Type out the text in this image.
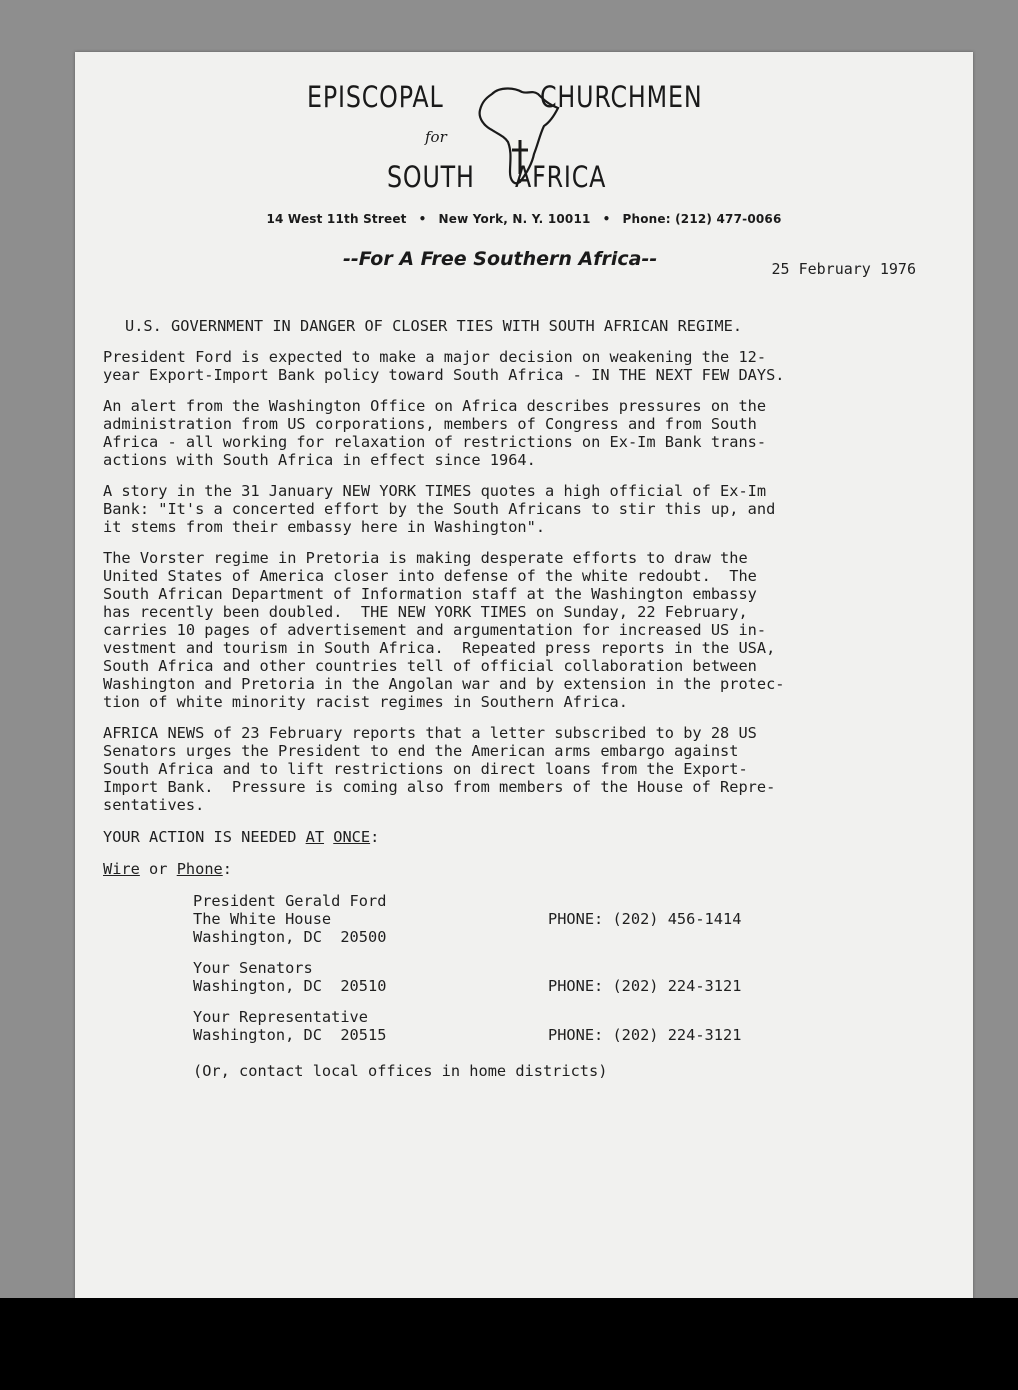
EPISCOPAL	CHURCHMEN
for
SOUTH AFRICA
14 West 11th Street • New York, N. Y. 10011 • Phone: (212) 477-0066
--For A Free Southern Africa--	25 February 1976
U.S. GOVERNMENT IN DANGER OF CLOSER TIES WITH SOUTH AFRICAN REGIME.
President Ford is expected to make a major decision on weakening the 12-
year Export-Import Bank policy toward South Africa - IN THE NEXT FEW DAYS.
An alert from the Washington Office on Africa describes pressures on the
administration from US corporations, members of Congress and from South
Africa - all working for relaxation of restrictions on Ex-Im Bank trans-
actions with South Africa in effect since 1964.
A story in the 31 January NEW YORK TIMES quotes a high official of Ex-Im
Bank: "It's a concerted effort by the South Africans to stir this up, and
it stems from their embassy here in Washington".
The Vorster regime in Pretoria is making desperate efforts to draw the
United States of America closer into defense of the white redoubt.  The
South African Department of Information staff at the Washington embassy
has recently been doubled.  THE NEW YORK TIMES on Sunday, 22 February,
carries 10 pages of advertisement and argumentation for increased US in-
vestment and tourism in South Africa.  Repeated press reports in the USA,
South Africa and other countries tell of official collaboration between
Washington and Pretoria in the Angolan war and by extension in the protec-
tion of white minority racist regimes in Southern Africa.
AFRICA NEWS of 23 February reports that a letter subscribed to by 28 US
Senators urges the President to end the American arms embargo against
South Africa and to lift restrictions on direct loans from the Export-
Import Bank.  Pressure is coming also from members of the House of Repre-
sentatives.
YOUR ACTION IS NEEDED AT ONCE:
Wire or Phone:
President Gerald Ford
The White House
Washington, DC  20500
PHONE: (202) 456-1414
Your Senators
Washington, DC  20510	PHONE: (202) 224-3121
Your Representative
Washington, DC  20515	PHONE: (202) 224-3121
(Or, contact local offices in home districts)
